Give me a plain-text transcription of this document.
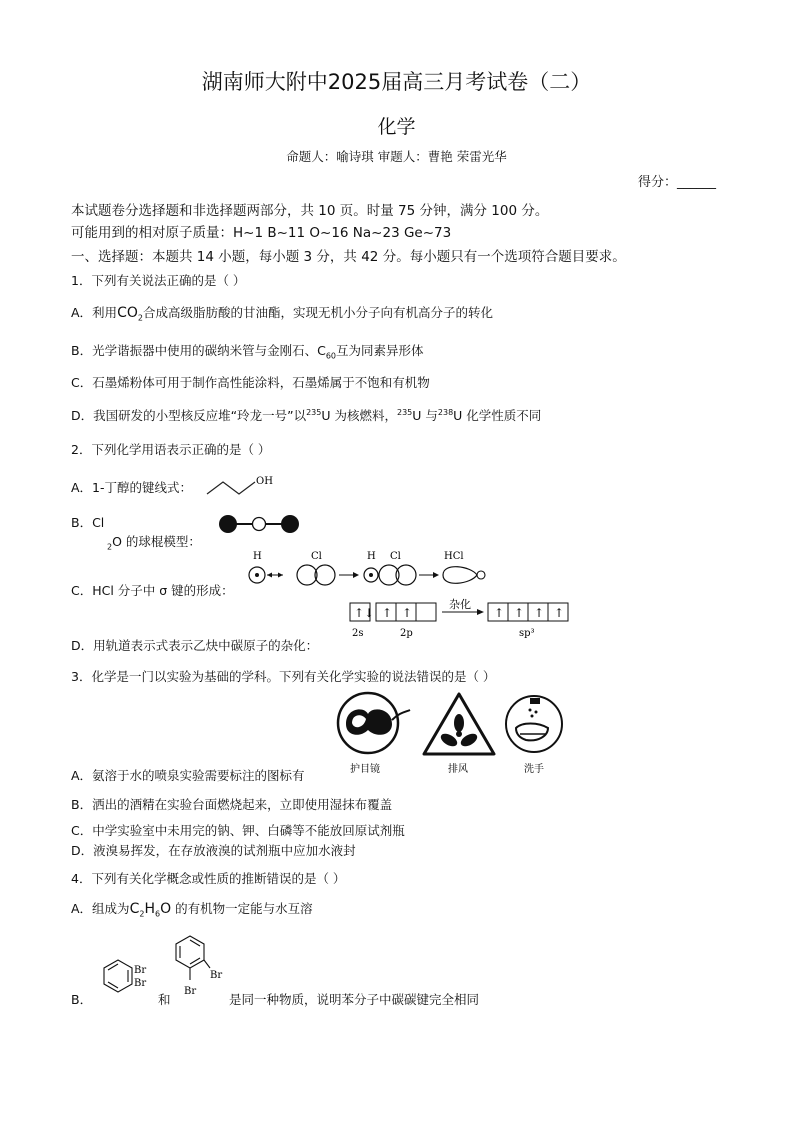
湖南师大附中2025届高三月考试卷（二）
化学
命题人：喻诗琪 审题人：曹艳 荣雷光华
得分：______
本试题卷分选择题和非选择题两部分，共 10 页。时量 75 分钟，满分 100 分。
可能用到的相对原子质量：H~1 B~11 O~16 Na~23 Ge~73
一、选择题：本题共 14 小题，每小题 3 分，共 42 分。每小题只有一个选项符合题目要求。
1．下列有关说法正确的是（ ）
A．利用$CO_2$合成高级脂肪酸的甘油酯，实现无机小分子向有机高分子的转化
B．光学谐振器中使用的碳纳米管与金刚石、$C_{60}$互为同素异形体
C．石墨烯粉体可用于制作高性能涂料，石墨烯属于不饱和有机物
D．我国研发的小型核反应堆“玲龙一号”以$^{235}$U 为核燃料，$^{235}$U 与$^{238}$U 化学性质不同
2．下列化学用语表示正确的是（ ）
A．1-丁醇的键线式：	OH
B．Cl
$_2$O 的球棍模型：
C．HCl 分子中 σ 键的形成：
H	Cl	H Cl	HCl
D．用轨道表示式表示乙炔中碳原子的杂化：
↑↓ ↑ ↑
2s	2p
杂化
↑ ↑ ↑ ↑
sp³
3．化学是一门以实验为基础的学科。下列有关化学实验的说法错误的是（ ）
护目镜	排风	洗手
A．氨溶于水的喷泉实验需要标注的图标有
B．洒出的酒精在实验台面燃烧起来，立即使用湿抹布覆盖
C．中学实验室中未用完的钠、钾、白磷等不能放回原试剂瓶
D．液溴易挥发，在存放液溴的试剂瓶中应加水液封
4．下列有关化学概念或性质的推断错误的是（ ）
A．组成为$C_2H_6O$ 的有机物一定能与水互溶
B．
Br
Br
和
Br
Br
是同一种物质，说明苯分子中碳碳键完全相同
